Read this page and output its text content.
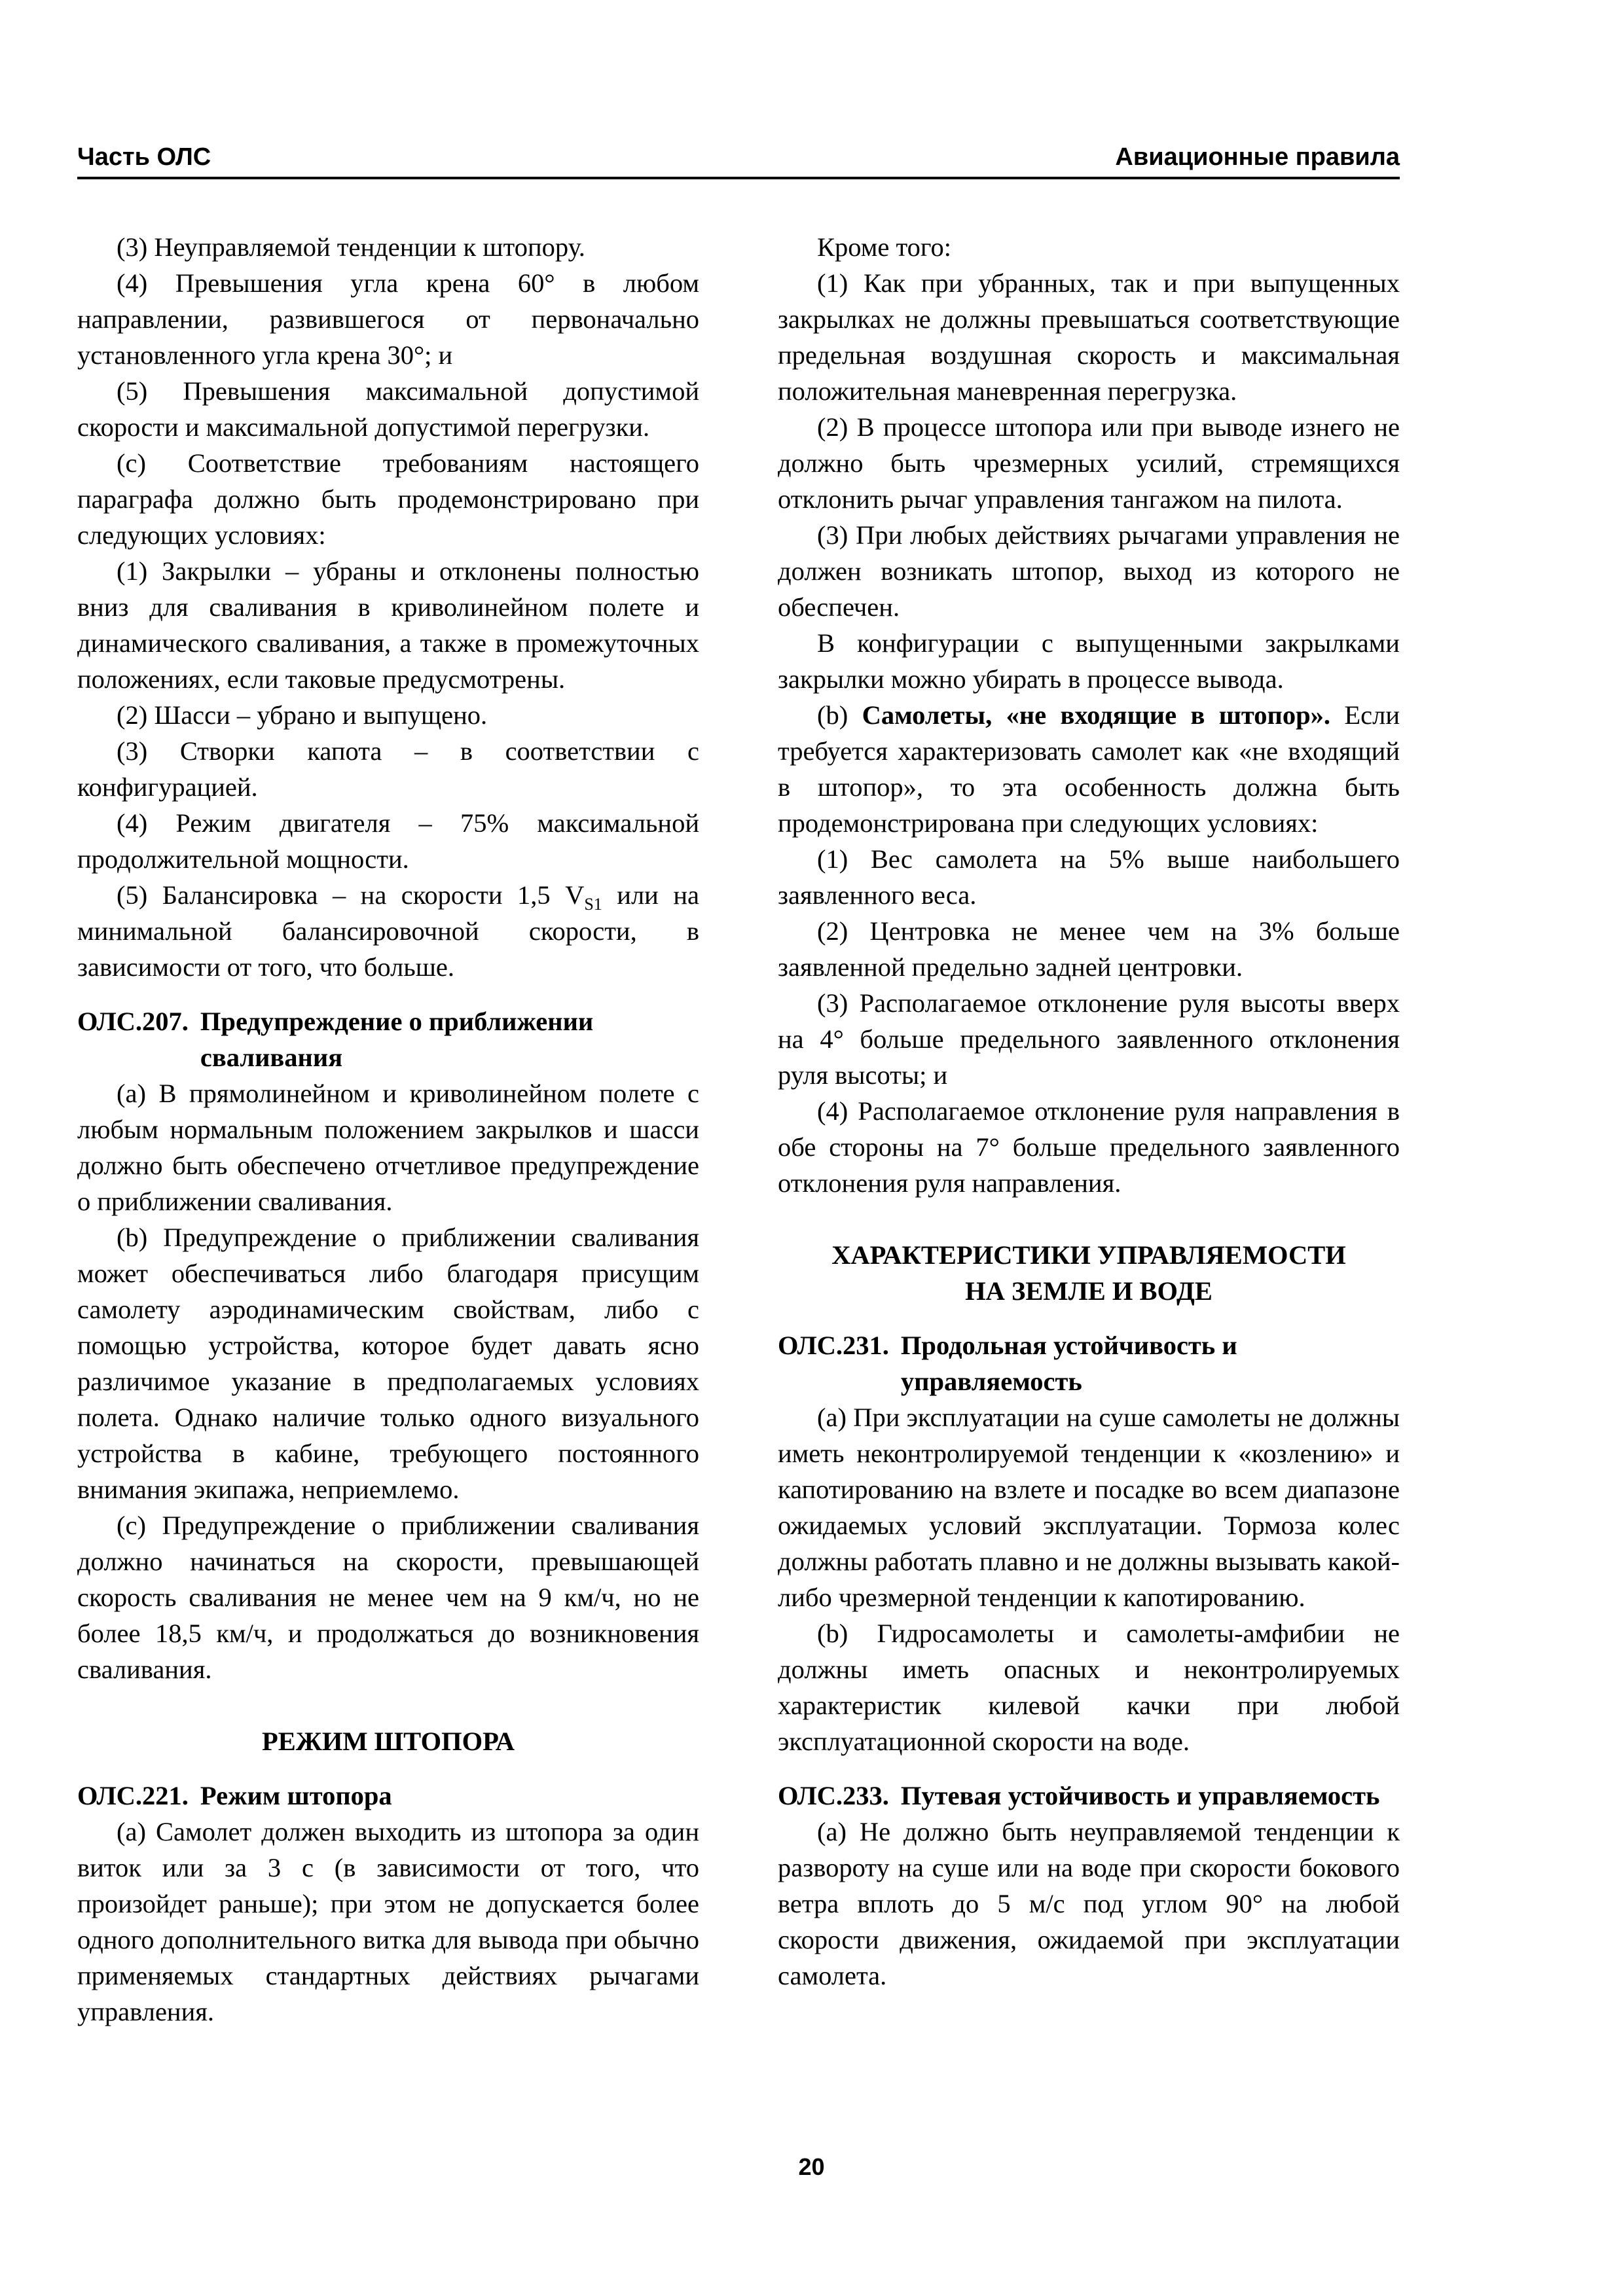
Часть ОЛС	Авиационные правила

(3) Неуправляемой тенденции к штопору.

(4) Превышения угла крена 60° в любом направлении, развившегося от первоначально установленного угла крена 30°; и

(5) Превышения максимальной допустимой скорости и максимальной допустимой перегрузки.

(c) Соответствие требованиям настоящего параграфа должно быть продемонстрировано при следующих условиях:

(1) Закрылки – убраны и отклонены полностью вниз для сваливания в криволинейном полете и динамического сваливания, а также в промежуточных положениях, если таковые предусмотрены.

(2) Шасси – убрано и выпущено.

(3) Створки капота – в соответствии с конфигурацией.

(4) Режим двигателя – 75% максимальной продолжительной мощности.

(5) Балансировка – на скорости 1,5 $V_{S1}$ или на минимальной балансировочной скорости, в зависимости от того, что больше.

ОЛС.207. Предупреждение о приближении сваливания

(a) В прямолинейном и криволинейном полете с любым нормальным положением закрылков и шасси должно быть обеспечено отчетливое предупреждение о приближении сваливания.

(b) Предупреждение о приближении сваливания может обеспечиваться либо благодаря присущим самолету аэродинамическим свойствам, либо с помощью устройства, которое будет давать ясно различимое указание в предполагаемых условиях полета. Однако наличие только одного визуального устройства в кабине, требующего постоянного внимания экипажа, неприемлемо.

(c) Предупреждение о приближении сваливания должно начинаться на скорости, превышающей скорость сваливания не менее чем на 9 км/ч, но не более 18,5 км/ч, и продолжаться до возникновения сваливания.

РЕЖИМ ШТОПОРА
ОЛС.221. Режим штопора

(a) Самолет должен выходить из штопора за один виток или за 3 с (в зависимости от того, что произойдет раньше); при этом не допускается более одного дополнительного витка для вывода при обычно применяемых стандартных действиях рычагами управления.

Кроме того:

(1) Как при убранных, так и при выпущенных закрылках не должны превышаться соответствующие предельная воздушная скорость и максимальная положительная маневренная перегрузка.

(2) В процессе штопора или при выводе изнего не должно быть чрезмерных усилий, стремящихся отклонить рычаг управления тангажом на пилота.

(3) При любых действиях рычагами управления не должен возникать штопор, выход из которого не обеспечен.

В конфигурации с выпущенными закрылками закрылки можно убирать в процессе вывода.

(b) Самолеты, «не входящие в штопор». Если требуется характеризовать самолет как «не входящий в штопор», то эта особенность должна быть продемонстрирована при следующих условиях:

(1) Вес самолета на 5% выше наибольшего заявленного веса.

(2) Центровка не менее чем на 3% больше заявленной предельно задней центровки.

(3) Располагаемое отклонение руля высоты вверх на 4° больше предельного заявленного отклонения руля высоты; и

(4) Располагаемое отклонение руля направления в обе стороны на 7° больше предельного заявленного отклонения руля направления.

ХАРАКТЕРИСТИКИ УПРАВЛЯЕМОСТИ
НА ЗЕМЛЕ И ВОДЕ
ОЛС.231. Продольная устойчивость и управляемость

(a) При эксплуатации на суше самолеты не должны иметь неконтролируемой тенденции к «козлению» и капотированию на взлете и посадке во всем диапазоне ожидаемых условий эксплуатации. Тормоза колес должны работать плавно и не должны вызывать какой-либо чрезмерной тенденции к капотированию.

(b) Гидросамолеты и самолеты-амфибии не должны иметь опасных и неконтролируемых характеристик килевой качки при любой эксплуатационной скорости на воде.

ОЛС.233. Путевая устойчивость и управляемость

(a) Не должно быть неуправляемой тенденции к развороту на суше или на воде при скорости бокового ветра вплоть до 5 м/с под углом 90° на любой скорости движения, ожидаемой при эксплуатации самолета.

20
